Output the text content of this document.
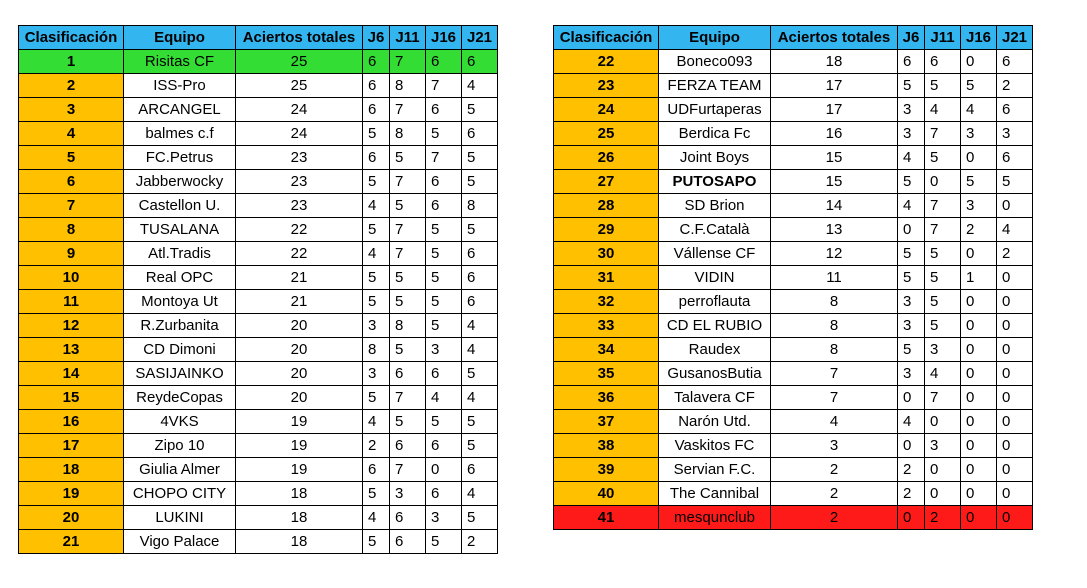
Clasificación	Equipo	Aciertos totales	J6	J11	J16	J21
1	Risitas CF	25	6	7	6	6
2	ISS-Pro	25	6	8	7	4
3	ARCANGEL	24	6	7	6	5
4	balmes c.f	24	5	8	5	6
5	FC.Petrus	23	6	5	7	5
6	Jabberwocky	23	5	7	6	5
7	Castellon U.	23	4	5	6	8
8	TUSALANA	22	5	7	5	5
9	Atl.Tradis	22	4	7	5	6
10	Real OPC	21	5	5	5	6
11	Montoya Ut	21	5	5	5	6
12	R.Zurbanita	20	3	8	5	4
13	CD Dimoni	20	8	5	3	4
14	SASIJAINKO	20	3	6	6	5
15	ReydeCopas	20	5	7	4	4
16	4VKS	19	4	5	5	5
17	Zipo 10	19	2	6	6	5
18	Giulia Almer	19	6	7	0	6
19	CHOPO CITY	18	5	3	6	4
20	LUKINI	18	4	6	3	5
21	Vigo Palace	18	5	6	5	2
Clasificación	Equipo	Aciertos totales	J6	J11	J16	J21
22	Boneco093	18	6	6	0	6
23	FERZA TEAM	17	5	5	5	2
24	UDFurtaperas	17	3	4	4	6
25	Berdica Fc	16	3	7	3	3
26	Joint Boys	15	4	5	0	6
27	PUTOSAPO	15	5	0	5	5
28	SD Brion	14	4	7	3	0
29	C.F.Català	13	0	7	2	4
30	Vállense CF	12	5	5	0	2
31	VIDIN	11	5	5	1	0
32	perroflauta	8	3	5	0	0
33	CD EL RUBIO	8	3	5	0	0
34	Raudex	8	5	3	0	0
35	GusanosButia	7	3	4	0	0
36	Talavera CF	7	0	7	0	0
37	Narón Utd.	4	4	0	0	0
38	Vaskitos FC	3	0	3	0	0
39	Servian F.C.	2	2	0	0	0
40	The Cannibal	2	2	0	0	0
41	mesqunclub	2	0	2	0	0
